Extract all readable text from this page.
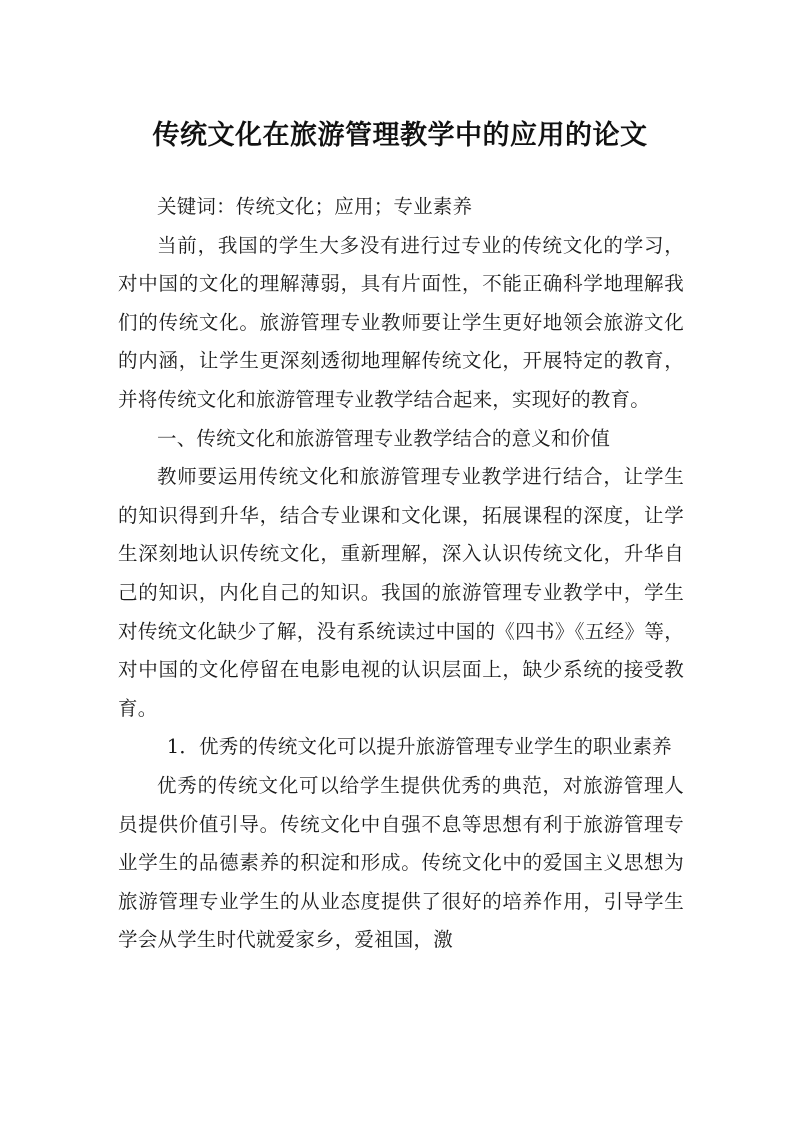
传统文化在旅游管理教学中的应用的论文

关键词：传统文化；应用；专业素养

当前，我国的学生大多没有进行过专业的传统文化的学习，对中国的文化的理解薄弱，具有片面性，不能正确科学地理解我们的传统文化。旅游管理专业教师要让学生更好地领会旅游文化的内涵，让学生更深刻透彻地理解传统文化，开展特定的教育，并将传统文化和旅游管理专业教学结合起来，实现好的教育。

一、传统文化和旅游管理专业教学结合的意义和价值

教师要运用传统文化和旅游管理专业教学进行结合，让学生的知识得到升华，结合专业课和文化课，拓展课程的深度，让学生深刻地认识传统文化，重新理解，深入认识传统文化，升华自己的知识，内化自己的知识。我国的旅游管理专业教学中，学生对传统文化缺少了解，没有系统读过中国的《四书》《五经》等，对中国的文化停留在电影电视的认识层面上，缺少系统的接受教育。

1．优秀的传统文化可以提升旅游管理专业学生的职业素养

优秀的传统文化可以给学生提供优秀的典范，对旅游管理人员提供价值引导。传统文化中自强不息等思想有利于旅游管理专业学生的品德素养的积淀和形成。传统文化中的爱国主义思想为旅游管理专业学生的从业态度提供了很好的培养作用，引导学生学会从学生时代就爱家乡，爱祖国，激
